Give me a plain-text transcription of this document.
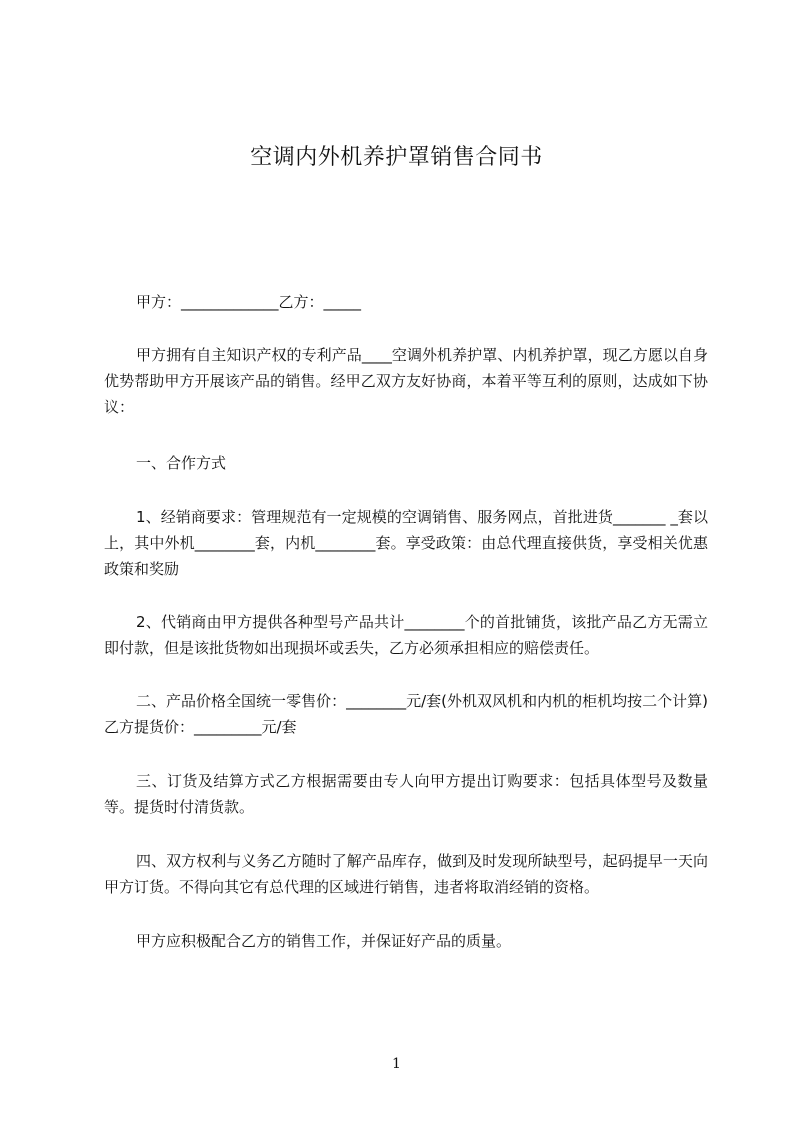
空调内外机养护罩销售合同书

甲方：_____________乙方：_____

甲方拥有自主知识产权的专利产品____空调外机养护罩、内机养护罩，现乙方愿以自身优势帮助甲方开展该产品的销售。经甲乙双方友好协商，本着平等互利的原则，达成如下协议：

一、合作方式

1、经销商要求：管理规范有一定规模的空调销售、服务网点，首批进货_______ _套以上，其中外机________套，内机________套。享受政策：由总代理直接供货，享受相关优惠政策和奖励

2、代销商由甲方提供各种型号产品共计________个的首批铺货，该批产品乙方无需立即付款，但是该批货物如出现损坏或丢失，乙方必须承担相应的赔偿责任。

二、产品价格全国统一零售价：________元/套(外机双风机和内机的柜机均按二个计算)乙方提货价：_________元/套

三、订货及结算方式乙方根据需要由专人向甲方提出订购要求：包括具体型号及数量等。提货时付清货款。

四、双方权利与义务乙方随时了解产品库存，做到及时发现所缺型号，起码提早一天向甲方订货。不得向其它有总代理的区域进行销售，违者将取消经销的资格。

甲方应积极配合乙方的销售工作，并保证好产品的质量。

1
